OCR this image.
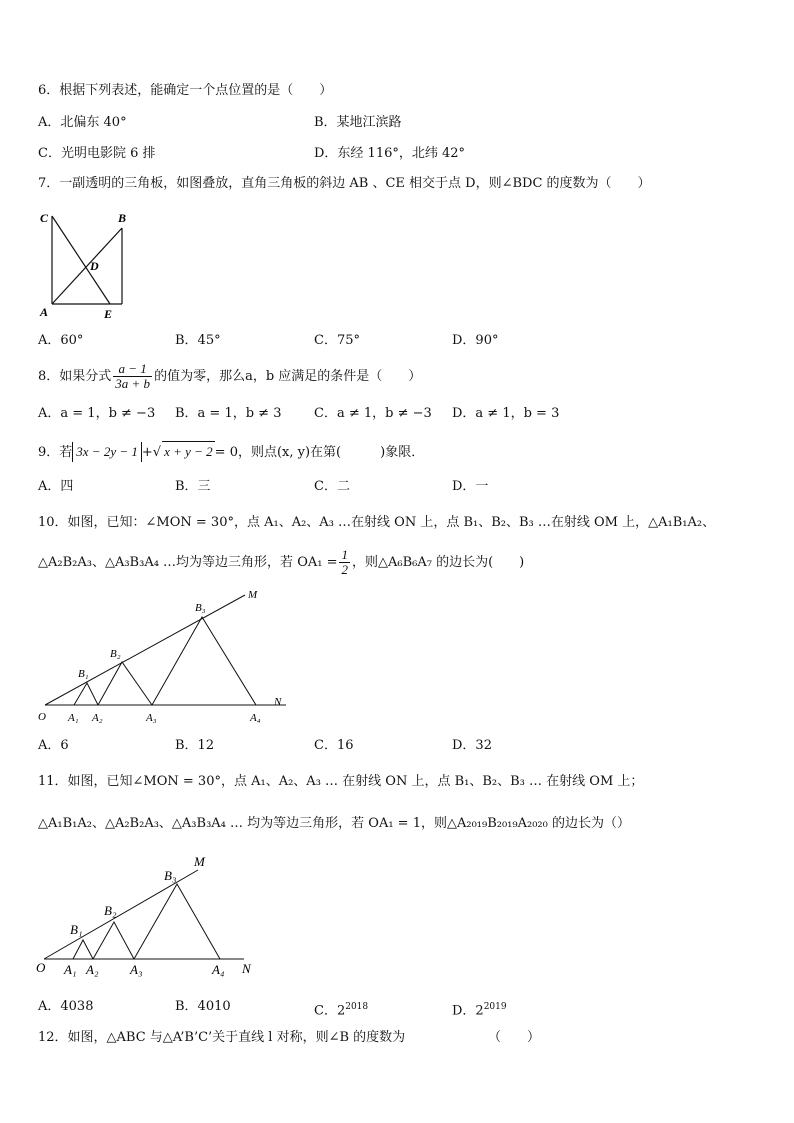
6．根据下列表述，能确定一个点位置的是（　　）
A．北偏东 40°	B．某地江滨路
C．光明电影院 6 排	D．东经 116°，北纬 42°
7．一副透明的三角板，如图叠放，直角三角板的斜边 AB 、CE 相交于点 D，则∠BDC 的度数为（　　）
C	B
D
A	E
A．60°	B．45°	C．75°	D．90°
8．如果分式 $\frac{a - 1}{3a + b}$ 的值为零，那么a，b 应满足的条件是（　　）
A．a = 1，b ≠ −3 B．a = 1，b ≠ 3	C．a ≠ 1，b ≠ −3 D．a ≠ 1，b = 3
9．若 3x − 2y − 1 +√ x + y − 2 = 0，则点(x, y)在第(　　　)象限．
A．四	B．三	C．二	D．一
10．如图，已知：∠MON = 30°，点 A₁、A₂、A₃ …在射线 ON 上，点 B₁、B₂、B₃ …在射线 OM 上，△A₁B₁A₂、
△A₂B₂A₃、△A₃B₃A₄ …均为等边三角形，若 $OA_1 = \frac{1}{2}$ ，则△A₆B₆A₇ 的边长为(　　)
M
N
O A₁ A₂	A₃	A₄
B₁
B₂
B₃
A．6	B．12	C．16	D．32
11．如图，已知∠MON = 30°，点 A₁、A₂、A₃ … 在射线 ON 上，点 B₁、B₂、B₃ … 在射线 OM 上；
△A₁B₁A₂、△A₂B₂A₃、△A₃B₃A₄ … 均为等边三角形，若 OA₁ = 1，则△A₂₀₁₉B₂₀₁₉A₂₀₂₀ 的边长为（）
M
N
O A₁ A₂ A₃	A₄
B₁
B₂
B₃
A．4038	B．4010	C．$2^{2018}$	D．$2^{2019}$
12．如图，△ABC 与△A’B’C’关于直线 l 对称，则∠B 的度数为	（　　）
